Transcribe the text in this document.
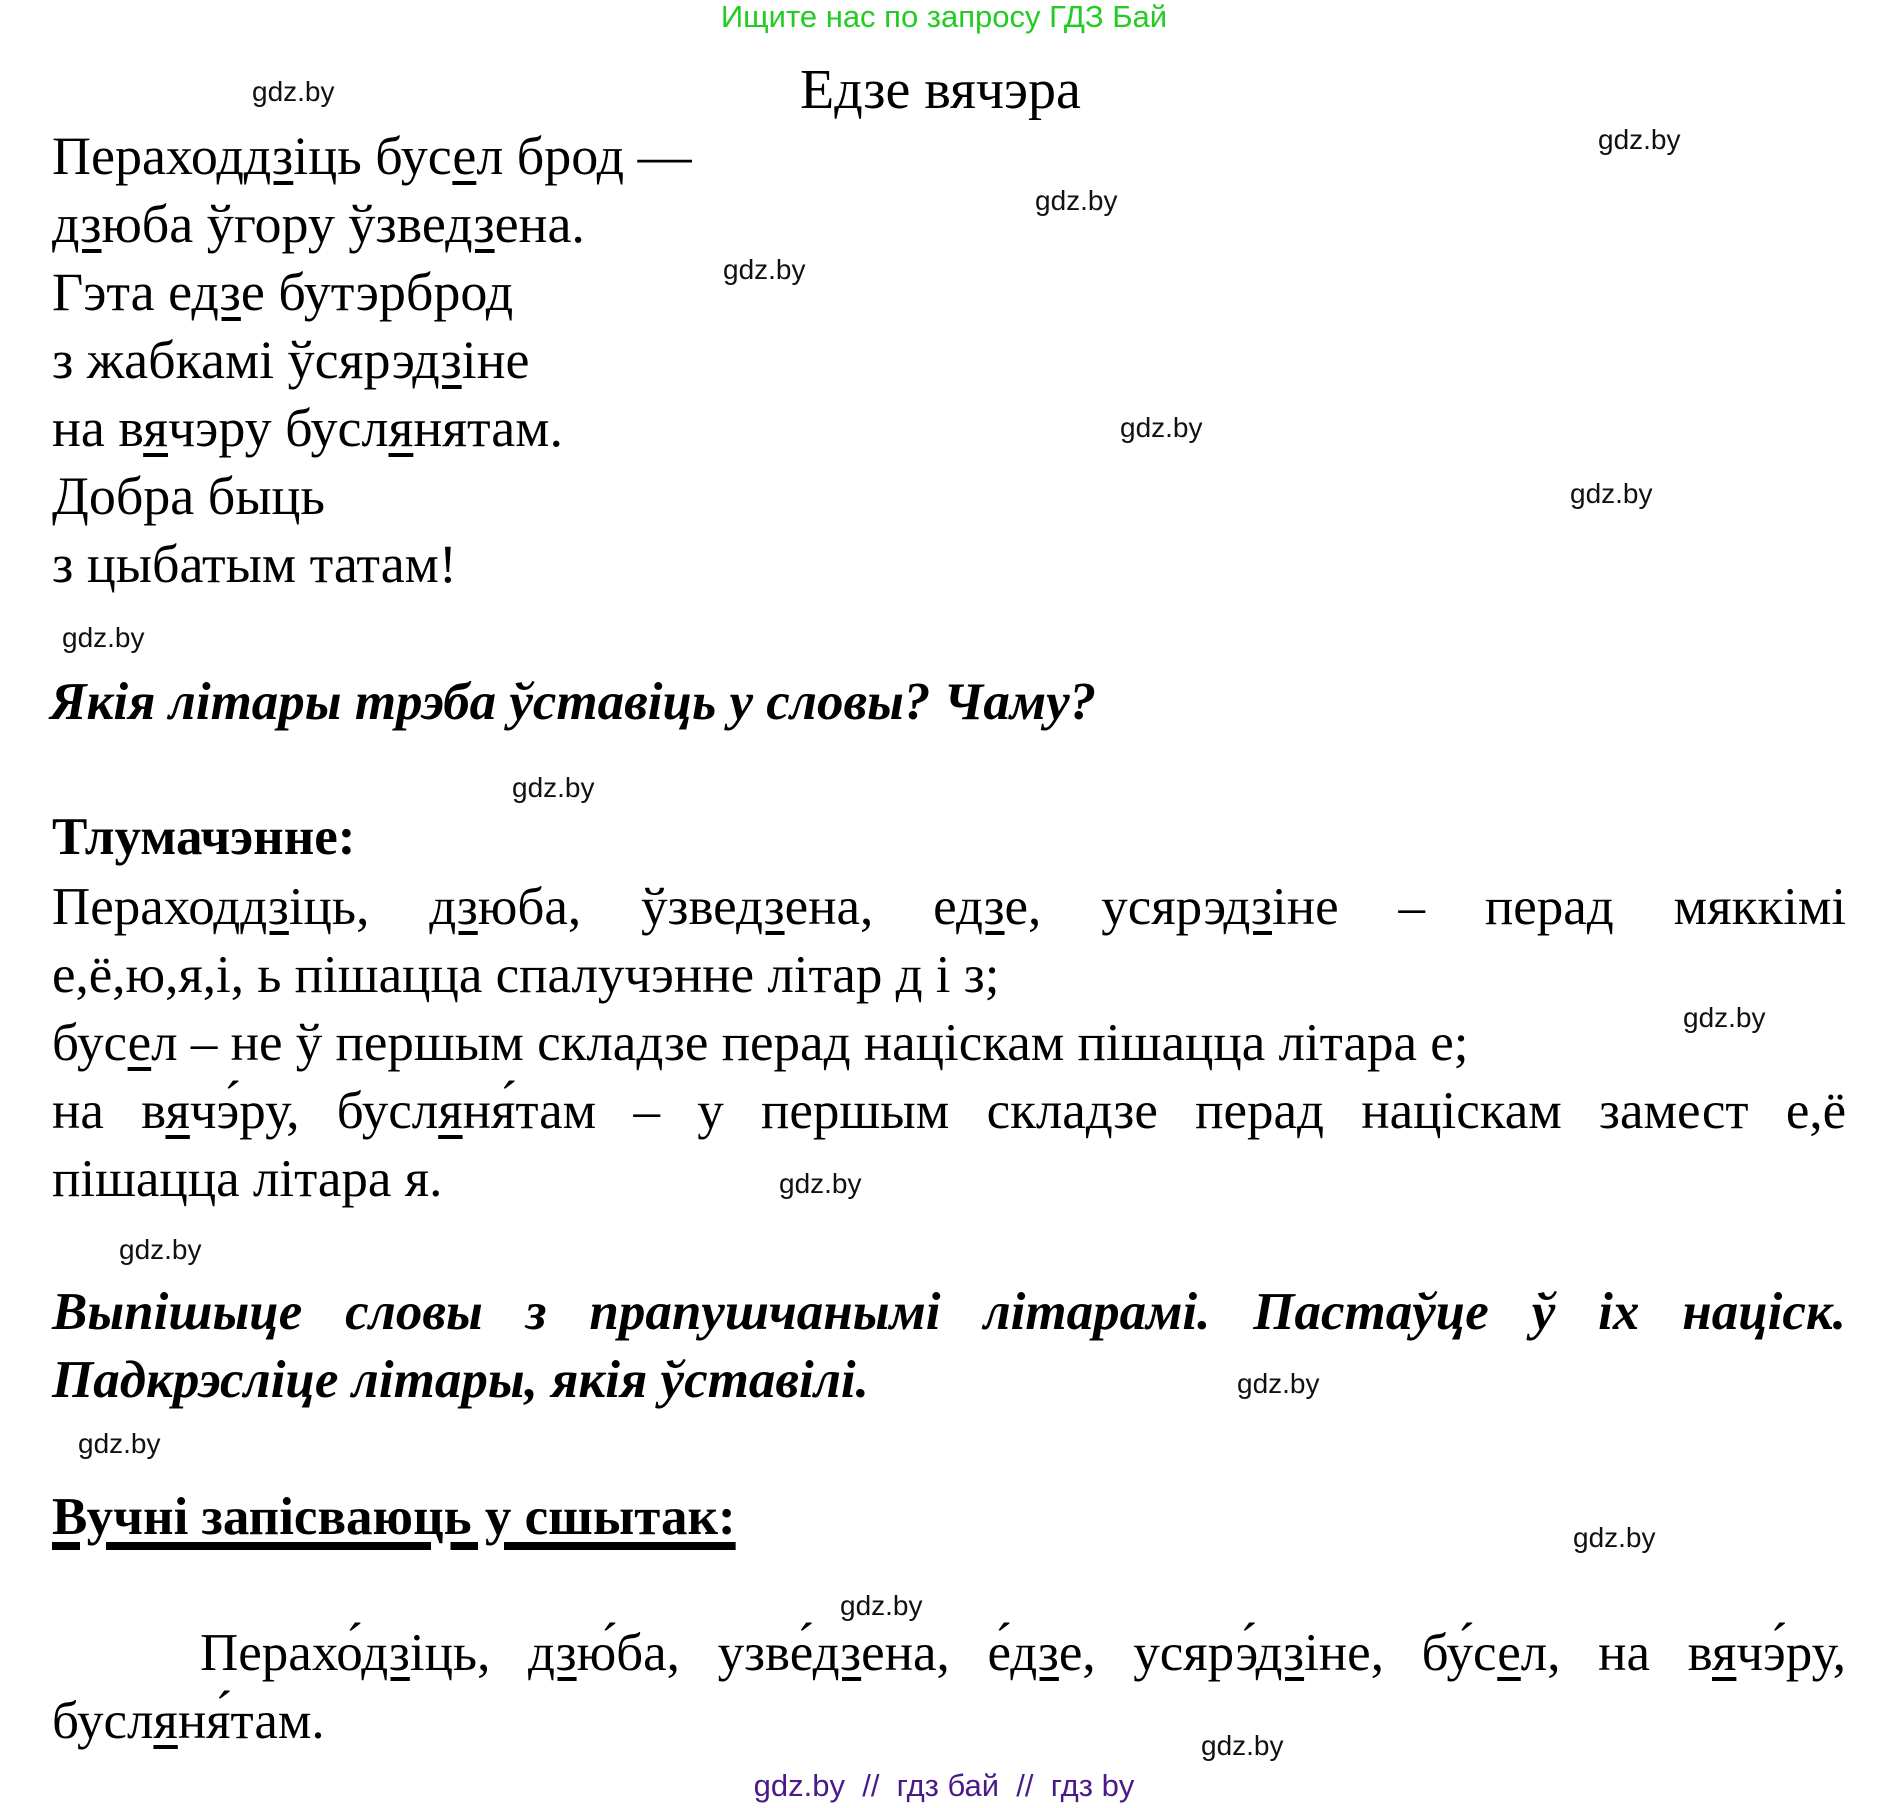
Ищите нас по запросу ГДЗ Бай
gdz.by
gdz.by
gdz.by
gdz.by
gdz.by
gdz.by
gdz.by
gdz.by
gdz.by
gdz.by
gdz.by
gdz.by
gdz.by
gdz.by
gdz.by
gdz.by
Едзе вячэра
Пераходдзіць бусел брод —
дзюба ўгору ўзведзена.
Гэта едзе бутэрброд
з жабкамі ўсярэдзіне
на вячэру буслянятам.
Добра быць
з цыбатым татам!
Якія літары трэба ўставіць у словы? Чаму?
Тлумачэнне:
Пераходдзіць, дзюба, ўзведзена, едзе, усярэдзіне – перад мяккімі
е,ё,ю,я,і, ь пішацца спалучэнне літар д і з;
бусел – не ў першым складзе перад націскам пішацца літара е;
на вячэ́ру, бусляня́там – у першым складзе перад націскам замест е,ё
пішацца літара я.
Выпішыце словы з прапушчанымі літарамі. Пастаўце ў іх націск.
Падкрэсліце літары, якія ўставілі.
Вучні запісваюць у сшытак:
Перахо́дзіць, дзю́ба, узве́дзена, е́дзе, усярэ́дзіне, бу́сел, на вячэ́ру,
бусляня́там.
gdz.by  //  гдз бай  //  гдз by
